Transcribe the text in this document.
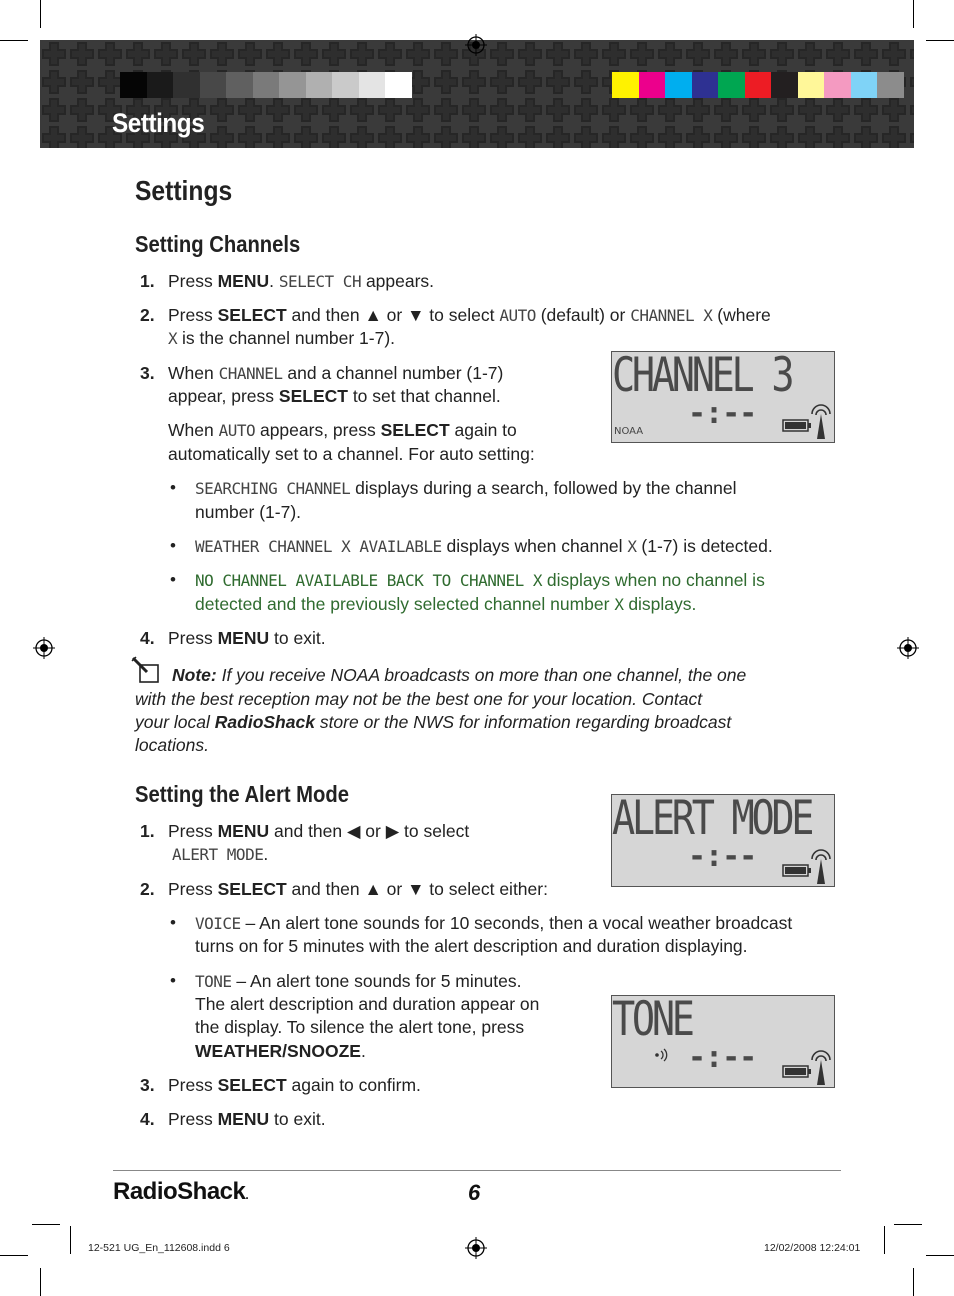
Settings
Settings
Setting Channels
1. Press MENU. SELECT CH appears.
2. Press SELECT and then ▲ or ▼ to select AUTO (default) or CHANNEL X (where
X is the channel number 1-7).
3. When CHANNEL and a channel number (1-7)
appear, press SELECT to set that channel.
When AUTO appears, press SELECT again to
automatically set to a channel. For auto setting:
• SEARCHING CHANNEL displays during a search, followed by the channel
number (1-7).
• WEATHER CHANNEL X AVAILABLE displays when channel X (1-7) is detected.
• NO CHANNEL AVAILABLE BACK TO CHANNEL X displays when no channel is
detected and the previously selected channel number X displays.
4. Press MENU to exit.
CHANNEL 3
-:--
NOAA
Note: If you receive NOAA broadcasts on more than one channel, the one
with the best reception may not be the best one for your location. Contact
your local RadioShack store or the NWS for information regarding broadcast
locations.
Setting the Alert Mode
1. Press MENU and then ◀ or ▶ to select
ALERT MODE.
2. Press SELECT and then ▲ or ▼ to select either:
• VOICE – An alert tone sounds for 10 seconds, then a vocal weather broadcast
turns on for 5 minutes with the alert description and duration displaying.
• TONE – An alert tone sounds for 5 minutes.
The alert description and duration appear on
the display. To silence the alert tone, press
WEATHER/SNOOZE.
3. Press SELECT again to confirm.
4. Press MENU to exit.
ALERT MODE
-:--
TONE
-:--
RadioShack.	6
12-521 UG_En_112608.indd 6	12/02/2008 12:24:01
